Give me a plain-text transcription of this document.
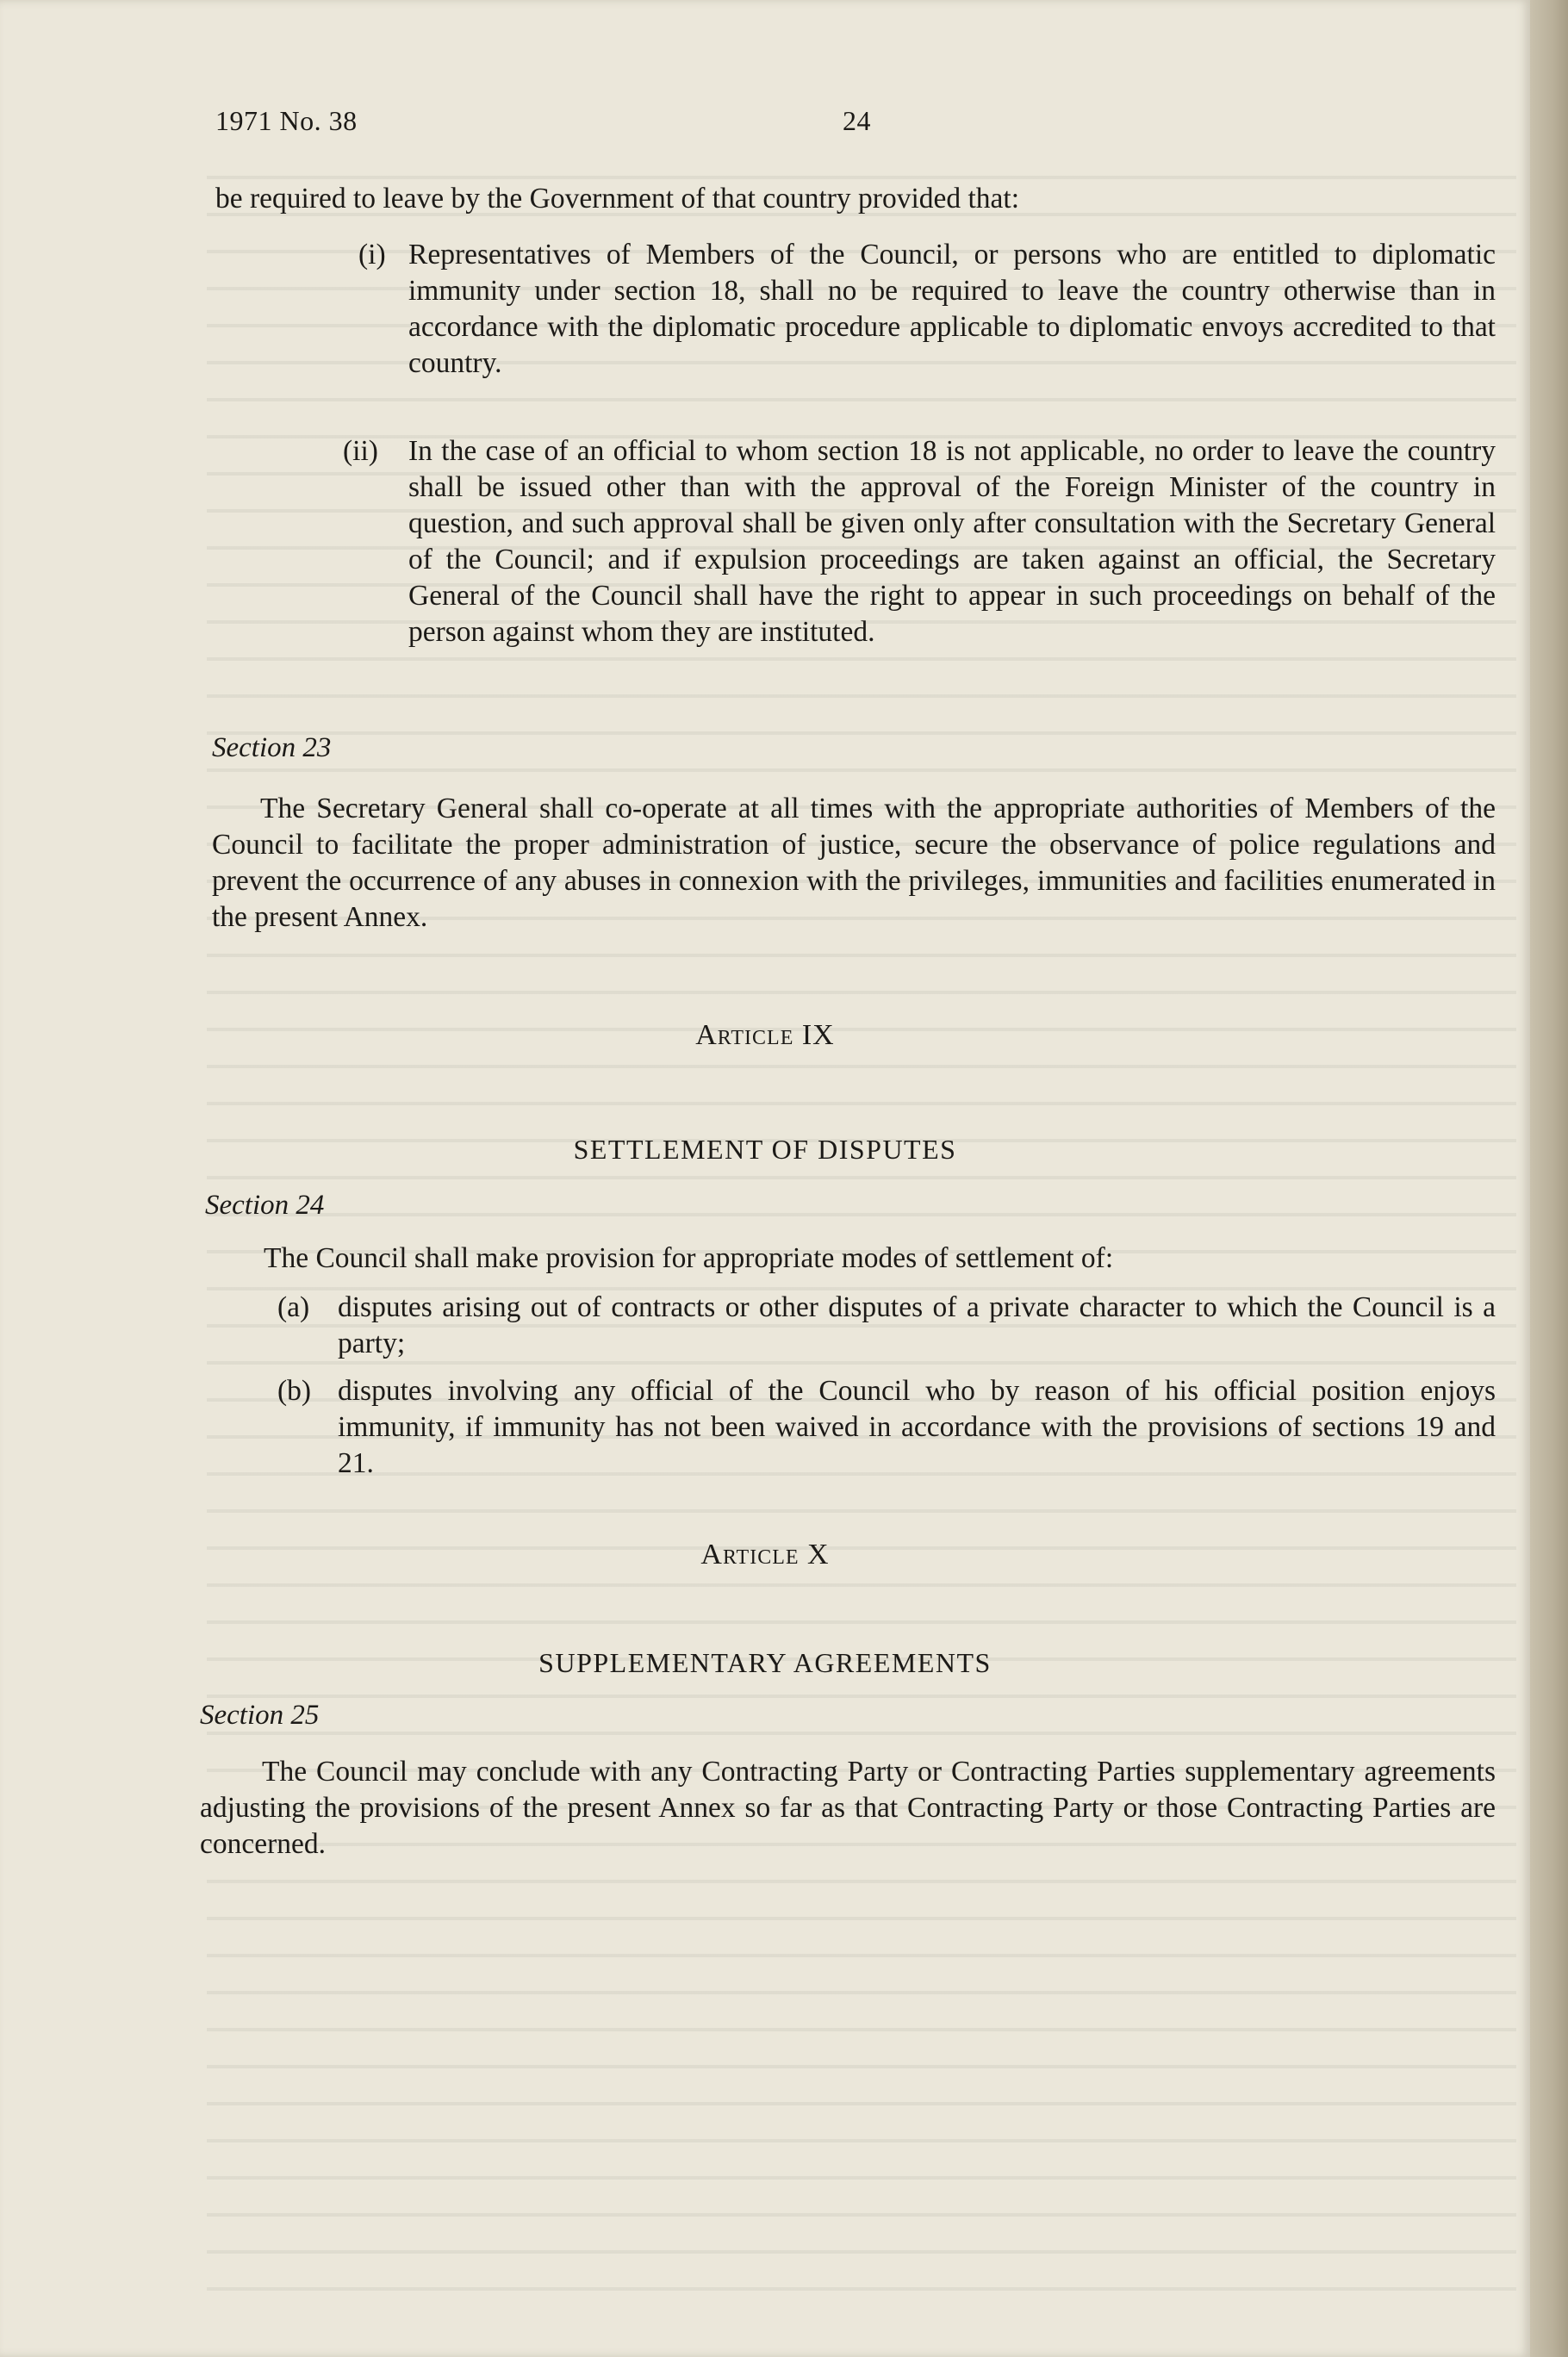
1971 No. 38	24
be required to leave by the Government of that country provided that:
(i) Representatives of Members of the Council, or persons who are entitled to diplomatic immunity under section 18, shall no be required to leave the country otherwise than in accordance with the diplomatic procedure applicable to diplomatic envoys accredited to that country.
(ii)	In the case of an official to whom section 18 is not applicable, no order to leave the country shall be issued other than with the approval of the Foreign Minister of the country in question, and such approval shall be given only after consultation with the Secretary General of the Council; and if expulsion proceedings are taken against an official, the Secretary General of the Council shall have the right to appear in such proceedings on behalf of the person against whom they are instituted.
Section 23
The Secretary General shall co-operate at all times with the appropriate authorities of Members of the Council to facilitate the proper administration of justice, secure the observance of police regulations and prevent the occurrence of any abuses in connexion with the privileges, immunities and facilities enumerated in the present Annex.
Article IX
SETTLEMENT OF DISPUTES
Section 24
The Council shall make provision for appropriate modes of settlement of:
(a) disputes arising out of contracts or other disputes of a private character to which the Council is a party;
(b) disputes involving any official of the Council who by reason of his official position enjoys immunity, if immunity has not been waived in accordance with the provisions of sections 19 and 21.
Article X
SUPPLEMENTARY AGREEMENTS
Section 25
The Council may conclude with any Contracting Party or Contracting Parties supplementary agreements adjusting the provisions of the present Annex so far as that Contracting Party or those Contracting Parties are concerned.
